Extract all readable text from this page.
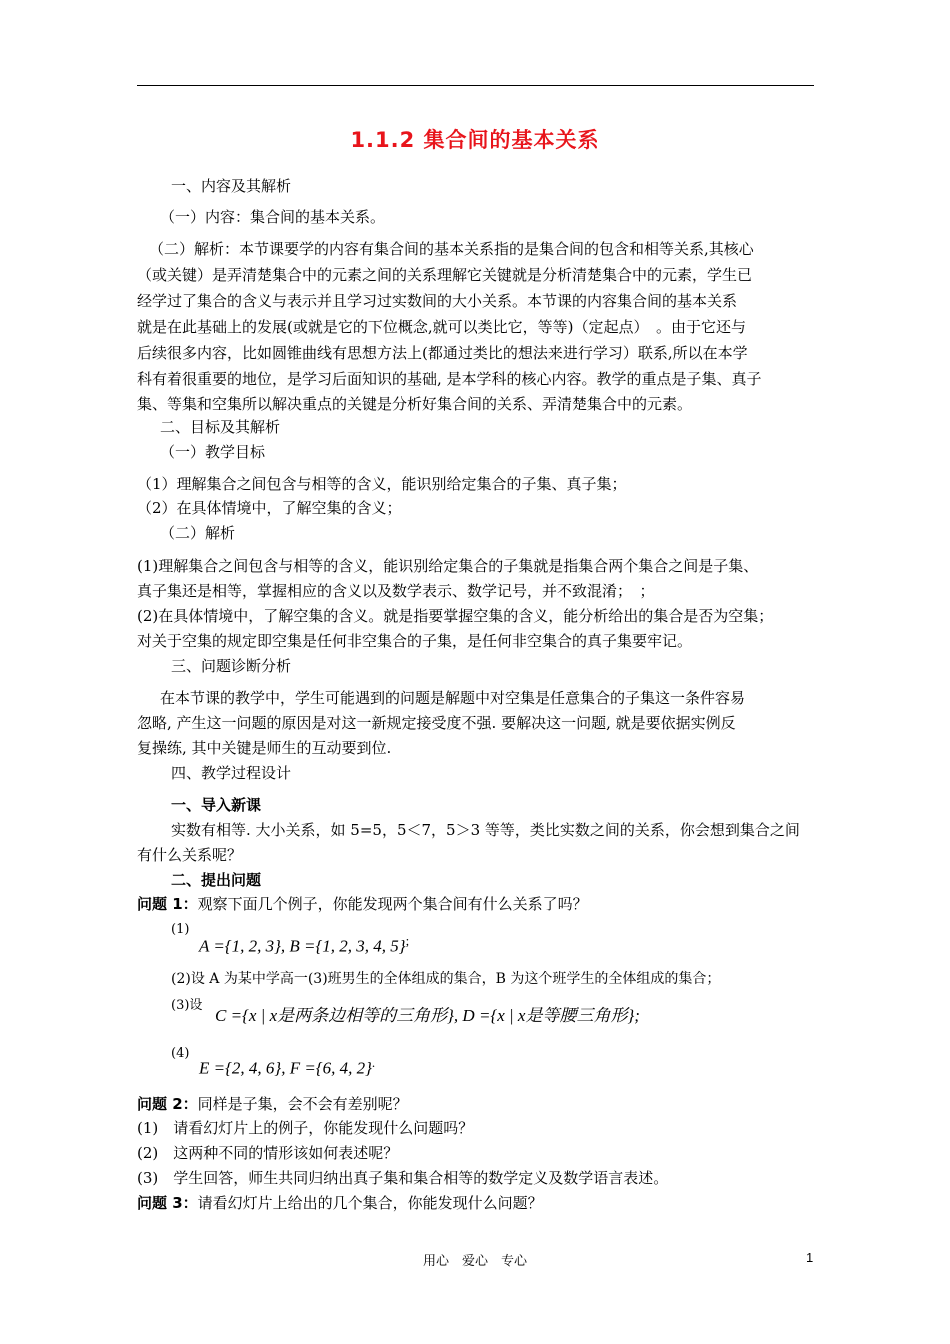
1.1.2 集合间的基本关系
一、内容及其解析
（一）内容：集合间的基本关系。
（二）解析：本节课要学的内容有集合间的基本关系指的是集合间的包含和相等关系,其核心
（或关键）是弄清楚集合中的元素之间的关系理解它关键就是分析清楚集合中的元素，学生已
经学过了集合的含义与表示并且学习过实数间的大小关系。本节课的内容集合间的基本关系
就是在此基础上的发展(或就是它的下位概念,就可以类比它，等等)（定起点）　。由于它还与
后续很多内容，比如圆锥曲线有思想方法上(都通过类比的想法来进行学习）联系,所以在本学
科有着很重要的地位，是学习后面知识的基础, 是本学科的核心内容。教学的重点是子集、真子
集、等集和空集所以解决重点的关键是分析好集合间的关系、弄清楚集合中的元素。
二、目标及其解析
（一）教学目标
（1）理解集合之间包含与相等的含义，能识别给定集合的子集、真子集；
（2）在具体情境中，了解空集的含义；
（二）解析
(1)理解集合之间包含与相等的含义，能识别给定集合的子集就是指集合两个集合之间是子集、
真子集还是相等，掌握相应的含义以及数学表示、数学记号，并不致混淆；　；
(2)在具体情境中，了解空集的含义。就是指要掌握空集的含义，能分析给出的集合是否为空集；
对关于空集的规定即空集是任何非空集合的子集，是任何非空集合的真子集要牢记。
三、问题诊断分析
在本节课的教学中，学生可能遇到的问题是解题中对空集是任意集合的子集这一条件容易
忽略, 产生这一问题的原因是对这一新规定接受度不强. 要解决这一问题, 就是要依据实例反
复操练, 其中关键是师生的互动要到位.
四、教学过程设计
一、导入新课
实数有相等. 大小关系，如 5=5，5＜7，5＞3 等等，类比实数之间的关系，你会想到集合之间
有什么关系呢？
二、提出问题
问题 1：观察下面几个例子，你能发现两个集合间有什么关系了吗？
(1)
A ={1, 2, 3}, B ={1, 2, 3, 4, 5};
(2)设 A 为某中学高一(3)班男生的全体组成的集合，B 为这个班学生的全体组成的集合；
(3)设
C ={x | x是两条边相等的三角形}, D ={x | x是等腰三角形};
(4)
E ={2, 4, 6}, F ={6, 4, 2}.
问题 2：同样是子集，会不会有差别呢？
(1)　请看幻灯片上的例子，你能发现什么问题吗？
(2)　这两种不同的情形该如何表述呢？
(3)　学生回答，师生共同归纳出真子集和集合相等的数学定义及数学语言表述。
问题 3：请看幻灯片上给出的几个集合，你能发现什么问题？
用心　爱心　专心	1
